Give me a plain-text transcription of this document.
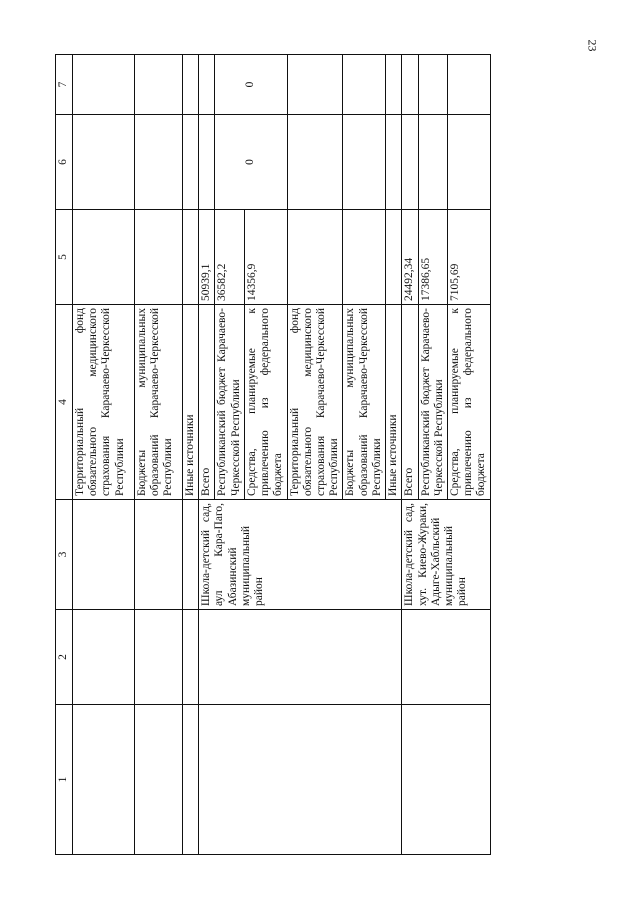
23
1	2	3	4	5	6	7
			Территориальный фонд обязательного медицинского страхования Карачаево-Черкесской Республики			
			Бюджеты муниципальных образований Карачаево-Черкесской Республики			
			Иные источники			
		Школа-детский сад, аул Кара-Паго, Абазинский муниципальный район	Всего	50939,1		
			Республиканский бюджет Карачаево-Черкесской Республики	36582,2	0	0
			Средства, планируемые к привлечению из федерального бюджета	14356,9		
			Территориальный фонд обязательного медицинского страхования Карачаево-Черкесской Республики			
			Бюджеты муниципальных образований Карачаево-Черкесской Республики			
			Иные источники			
		Школа-детский сад, хут. Киево-Жураки, Адыге-Хабльский муниципальный район	Всего	24492,34		
			Республиканский бюджет Карачаево-Черкесской Республики	17386,65		
			Средства, планируемые к привлечению из федерального бюджета	7105,69		
